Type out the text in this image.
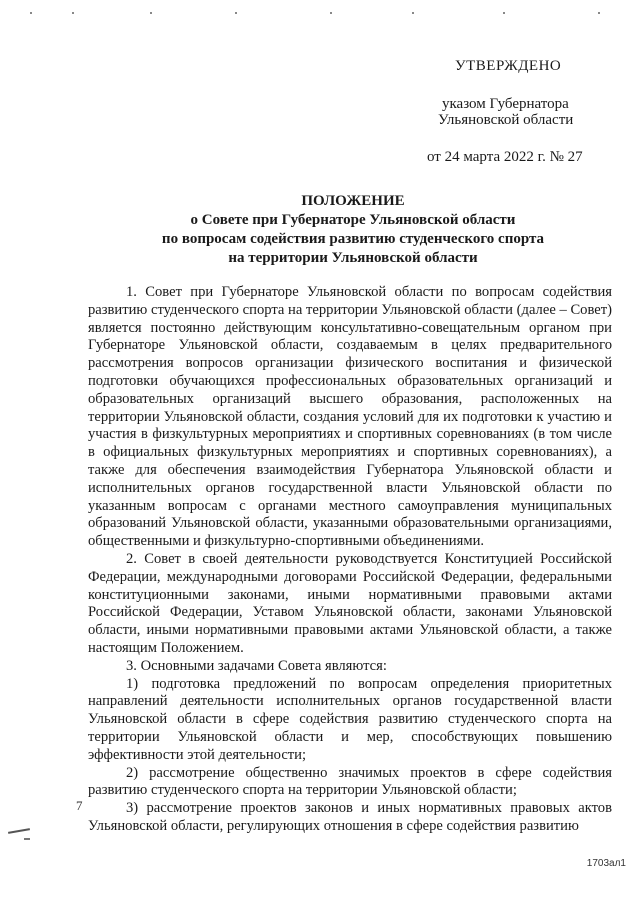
УТВЕРЖДЕНО
указом Губернатора
Ульяновской области
от 24 марта 2022 г. № 27
ПОЛОЖЕНИЕ
о Совете при Губернаторе Ульяновской области
по вопросам содействия развитию студенческого спорта
на территории Ульяновской области

1. Совет при Губернаторе Ульяновской области по вопросам содействия развитию студенческого спорта на территории Ульяновской области (далее – Совет) является постоянно действующим консультативно-совещательным органом при Губернаторе Ульяновской области, создаваемым в целях предварительного рассмотрения вопросов организации физического воспитания и физической подготовки обучающихся профессиональных образовательных организаций и образовательных организаций высшего образования, расположенных на территории Ульяновской области, создания условий для их подготовки к участию и участия в физкультурных мероприятиях и спортивных соревнованиях (в том числе в официальных физкультурных мероприятиях и спортивных соревнованиях), а также для обеспечения взаимодействия Губернатора Ульяновской области и исполнительных органов государственной власти Ульяновской области по указанным вопросам с органами местного самоуправления муниципальных образований Ульяновской области, указанными образовательными организациями, общественными и физкультурно-спортивными объединениями.

2. Совет в своей деятельности руководствуется Конституцией Российской Федерации, международными договорами Российской Федерации, федеральными конституционными законами, иными нормативными правовыми актами Российской Федерации, Уставом Ульяновской области, законами Ульяновской области, иными нормативными правовыми актами Ульяновской области, а также настоящим Положением.

3. Основными задачами Совета являются:

1) подготовка предложений по вопросам определения приоритетных направлений деятельности исполнительных органов государственной власти Ульяновской области в сфере содействия развитию студенческого спорта на территории Ульяновской области и мер, способствующих повышению эффективности этой деятельности;

2) рассмотрение общественно значимых проектов в сфере содействия развитию студенческого спорта на территории Ульяновской области;

3) рассмотрение проектов законов и иных нормативных правовых актов Ульяновской области, регулирующих отношения в сфере содействия развитию

7
1703ал1
